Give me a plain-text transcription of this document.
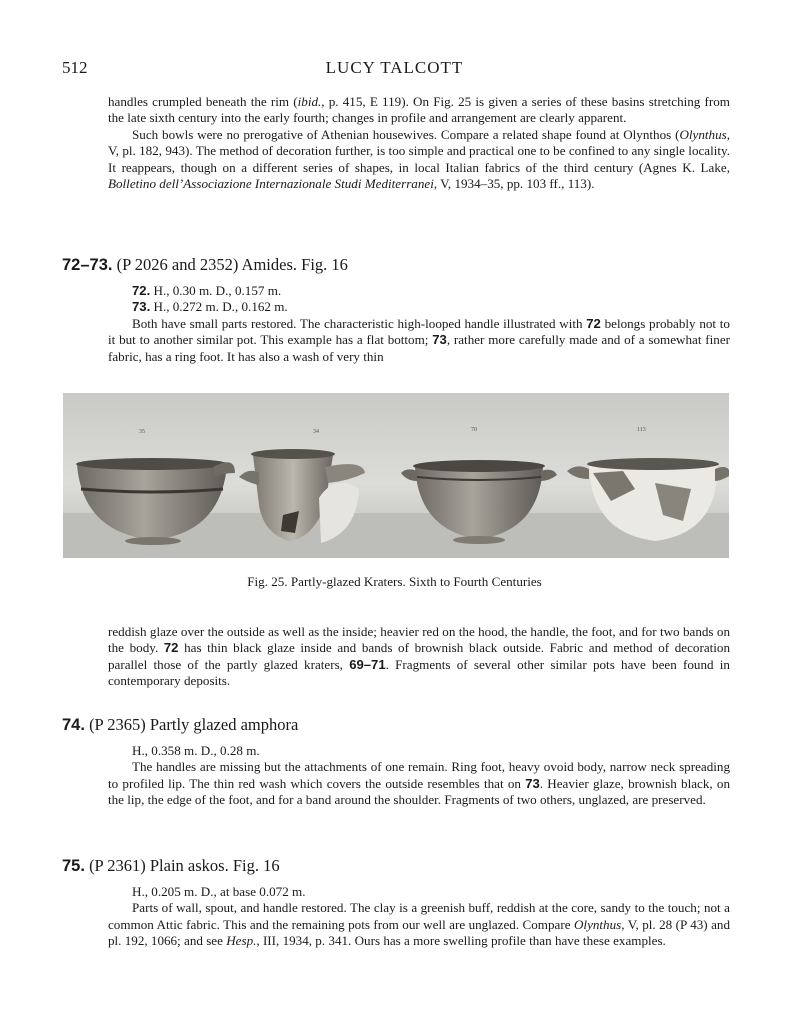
512	LUCY TALCOTT

handles crumpled beneath the rim (ibid., p. 415, E 119). On Fig. 25 is given a series of these basins stretching from the late sixth century into the early fourth; changes in profile and arrangement are clearly apparent.

Such bowls were no prerogative of Athenian housewives. Compare a related shape found at Olynthos (Olynthus, V, pl. 182, 943). The method of decoration further, is too simple and practical one to be confined to any single locality. It reappears, though on a different series of shapes, in local Italian fabrics of the third century (Agnes K. Lake, Bolletino dell’Associazione Internazionale Studi Mediterranei, V, 1934–35, pp. 103 ff., 113).

72–73. (P 2026 and 2352) Amides. Fig. 16

72. H., 0.30 m. D., 0.157 m.

73. H., 0.272 m. D., 0.162 m.

Both have small parts restored. The characteristic high-looped handle illustrated with 72 belongs probably not to it but to another similar pot. This example has a flat bottom; 73, rather more carefully made and of a somewhat finer fabric, has a ring foot. It has also a wash of very thin

35	34	70	113
Fig. 25. Partly-glazed Kraters. Sixth to Fourth Centuries

reddish glaze over the outside as well as the inside; heavier red on the hood, the handle, the foot, and for two bands on the body. 72 has thin black glaze inside and bands of brownish black outside. Fabric and method of decoration parallel those of the partly glazed kraters, 69–71. Fragments of several other similar pots have been found in contemporary deposits.

74. (P 2365) Partly glazed amphora

H., 0.358 m. D., 0.28 m.

The handles are missing but the attachments of one remain. Ring foot, heavy ovoid body, narrow neck spreading to profiled lip. The thin red wash which covers the outside resembles that on 73. Heavier glaze, brownish black, on the lip, the edge of the foot, and for a band around the shoulder. Fragments of two others, unglazed, are preserved.

75. (P 2361) Plain askos. Fig. 16

H., 0.205 m. D., at base 0.072 m.

Parts of wall, spout, and handle restored. The clay is a greenish buff, reddish at the core, sandy to the touch; not a common Attic fabric. This and the remaining pots from our well are unglazed. Compare Olynthus, V, pl. 28 (P 43) and pl. 192, 1066; and see Hesp., III, 1934, p. 341. Ours has a more swelling profile than have these examples.
